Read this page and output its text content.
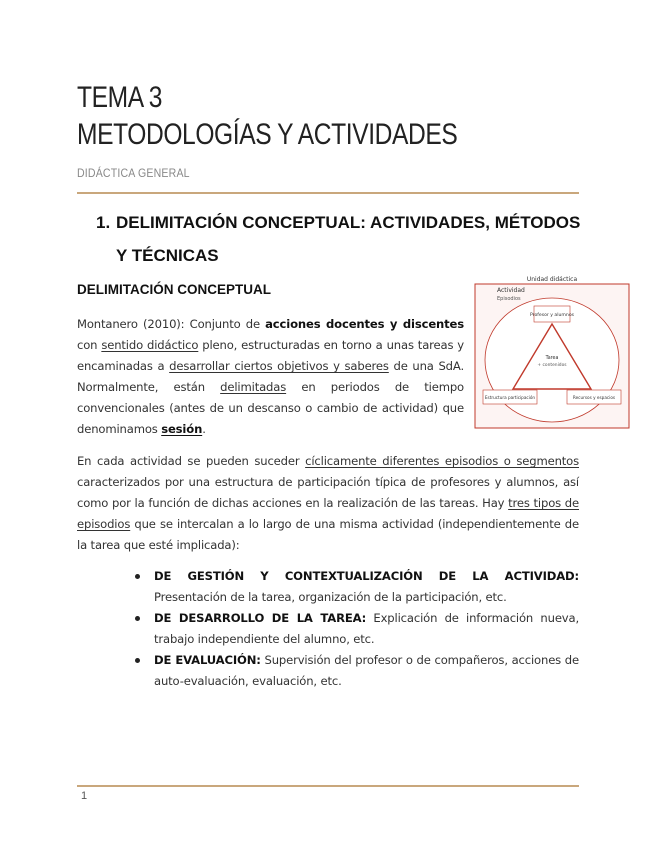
TEMA 3
METODOLOGÍAS Y ACTIVIDADES
DIDÁCTICA GENERAL
1. DELIMITACIÓN CONCEPTUAL: ACTIVIDADES, MÉTODOS
Y TÉCNICAS
DELIMITACIÓN CONCEPTUAL
Montanero (2010): Conjunto de acciones docentes y discentes con sentido didáctico pleno, estructuradas en torno a unas tareas y encaminadas a desarrollar ciertos objetivos y saberes de una SdA. Normalmente, están delimitadas en periodos de tiempo convencionales (antes de un descanso o cambio de actividad) que denominamos sesión.
Unidad didáctica
Actividad
Episodios
Profesor y alumnos
Tarea
+ contenidos
Estructura participación	Recursos y espacios
En cada actividad se pueden suceder cíclicamente diferentes episodios o segmentos caracterizados por una estructura de participación típica de profesores y alumnos, así como por la función de dichas acciones en la realización de las tareas. Hay tres tipos de episodios que se intercalan a lo largo de una misma actividad (independientemente de la tarea que esté implicada):
DE GESTIÓN Y CONTEXTUALIZACIÓN DE LA ACTIVIDAD: Presentación de la tarea, organización de la participación, etc.
DE DESARROLLO DE LA TAREA: Explicación de información nueva, trabajo independiente del alumno, etc.
DE EVALUACIÓN: Supervisión del profesor o de compañeros, acciones de auto-evaluación, evaluación, etc.
1
